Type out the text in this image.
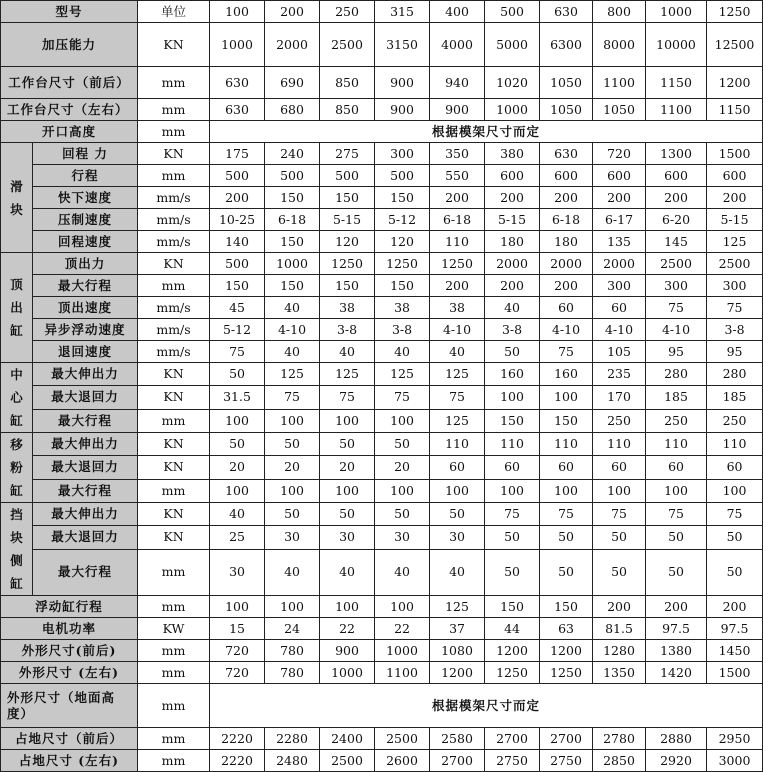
型号		单位	100	200	250	315	400	500	630	800	1000	1250
加压能力		KN	1000	2000	2500	3150	4000	5000	6300	8000	10000	12500
工作台尺寸（前后）		mm	630	690	850	900	940	1020	1050	1100	1150	1200
工作台尺寸（左右）		mm	630	680	850	900	900	1000	1050	1050	1100	1150
开口高度		mm	根据模架尺寸而定									
滑块	回程 力	KN	175	240	275	300	350	380	630	720	1300	1500
	行程	mm	500	500	500	500	550	600	600	600	600	600
	快下速度	mm/s	200	150	150	150	200	200	200	200	200	200
	压制速度	mm/s	10-25	6-18	5-15	5-12	6-18	5-15	6-18	6-17	6-20	5-15
	回程速度	mm/s	140	150	120	120	110	180	180	135	145	125
顶出缸	顶出力	KN	500	1000	1250	1250	1250	2000	2000	2000	2500	2500
	最大行程	mm	150	150	150	150	200	200	200	300	300	300
	顶出速度	mm/s	45	40	38	38	38	40	60	60	75	75
	异步浮动速度	mm/s	5-12	4-10	3-8	3-8	4-10	3-8	4-10	4-10	4-10	3-8
	退回速度	mm/s	75	40	40	40	40	50	75	105	95	95
中心缸	最大伸出力	KN	50	125	125	125	125	160	160	235	280	280
	最大退回力	KN	31.5	75	75	75	75	100	100	170	185	185
	最大行程	mm	100	100	100	100	125	150	150	250	250	250
移粉缸	最大伸出力	KN	50	50	50	50	110	110	110	110	110	110
	最大退回力	KN	20	20	20	20	60	60	60	60	60	60
	最大行程	mm	100	100	100	100	100	100	100	100	100	100
挡块侧缸	最大伸出力	KN	40	50	50	50	50	75	75	75	75	75
	最大退回力	KN	25	30	30	30	30	50	50	50	50	50
	最大行程	mm	30	40	40	40	40	50	50	50	50	50
浮动缸行程		mm	100	100	100	100	125	150	150	200	200	200
电机功率		KW	15	24	22	22	37	44	63	81.5	97.5	97.5
外形尺寸(前后)		mm	720	780	900	1000	1080	1200	1200	1280	1380	1450
外形尺寸 (左右)		mm	720	780	1000	1100	1200	1250	1250	1350	1420	1500
外形尺寸（地面高度）		mm	根据模架尺寸而定									
占地尺寸（前后）		mm	2220	2280	2400	2500	2580	2700	2700	2780	2880	2950
占地尺寸 (左右)		mm	2220	2480	2500	2600	2700	2750	2750	2850	2920	3000
